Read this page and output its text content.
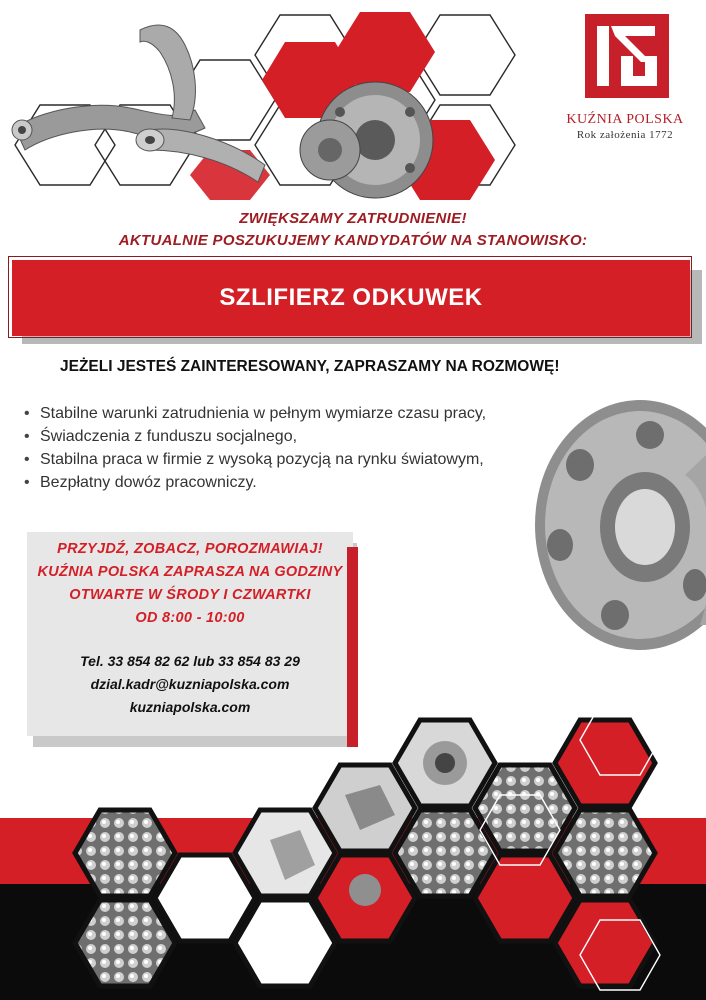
KUŹNIA POLSKA
Rok założenia 1772
ZWIĘKSZAMY ZATRUDNIENIE!
AKTUALNIE POSZUKUJEMY KANDYDATÓW NA STANOWISKO:
SZLIFIERZ ODKUWEK
JEŻELI JESTEŚ ZAINTERESOWANY, ZAPRASZAMY NA ROZMOWĘ!
• Stabilne warunki zatrudnienia w pełnym wymiarze czasu pracy,
• Świadczenia z funduszu socjalnego,
• Stabilna praca w firmie z wysoką pozycją na rynku światowym,
• Bezpłatny dowóz pracowniczy.
PRZYJDŹ, ZOBACZ, POROZMAWIAJ!
KUŹNIA POLSKA ZAPRASZA NA GODZINY
OTWARTE W ŚRODY I CZWARTKI
OD 8:00 - 10:00
Tel. 33 854 82 62 lub 33 854 83 29
dzial.kadr@kuzniapolska.com
kuzniapolska.com
